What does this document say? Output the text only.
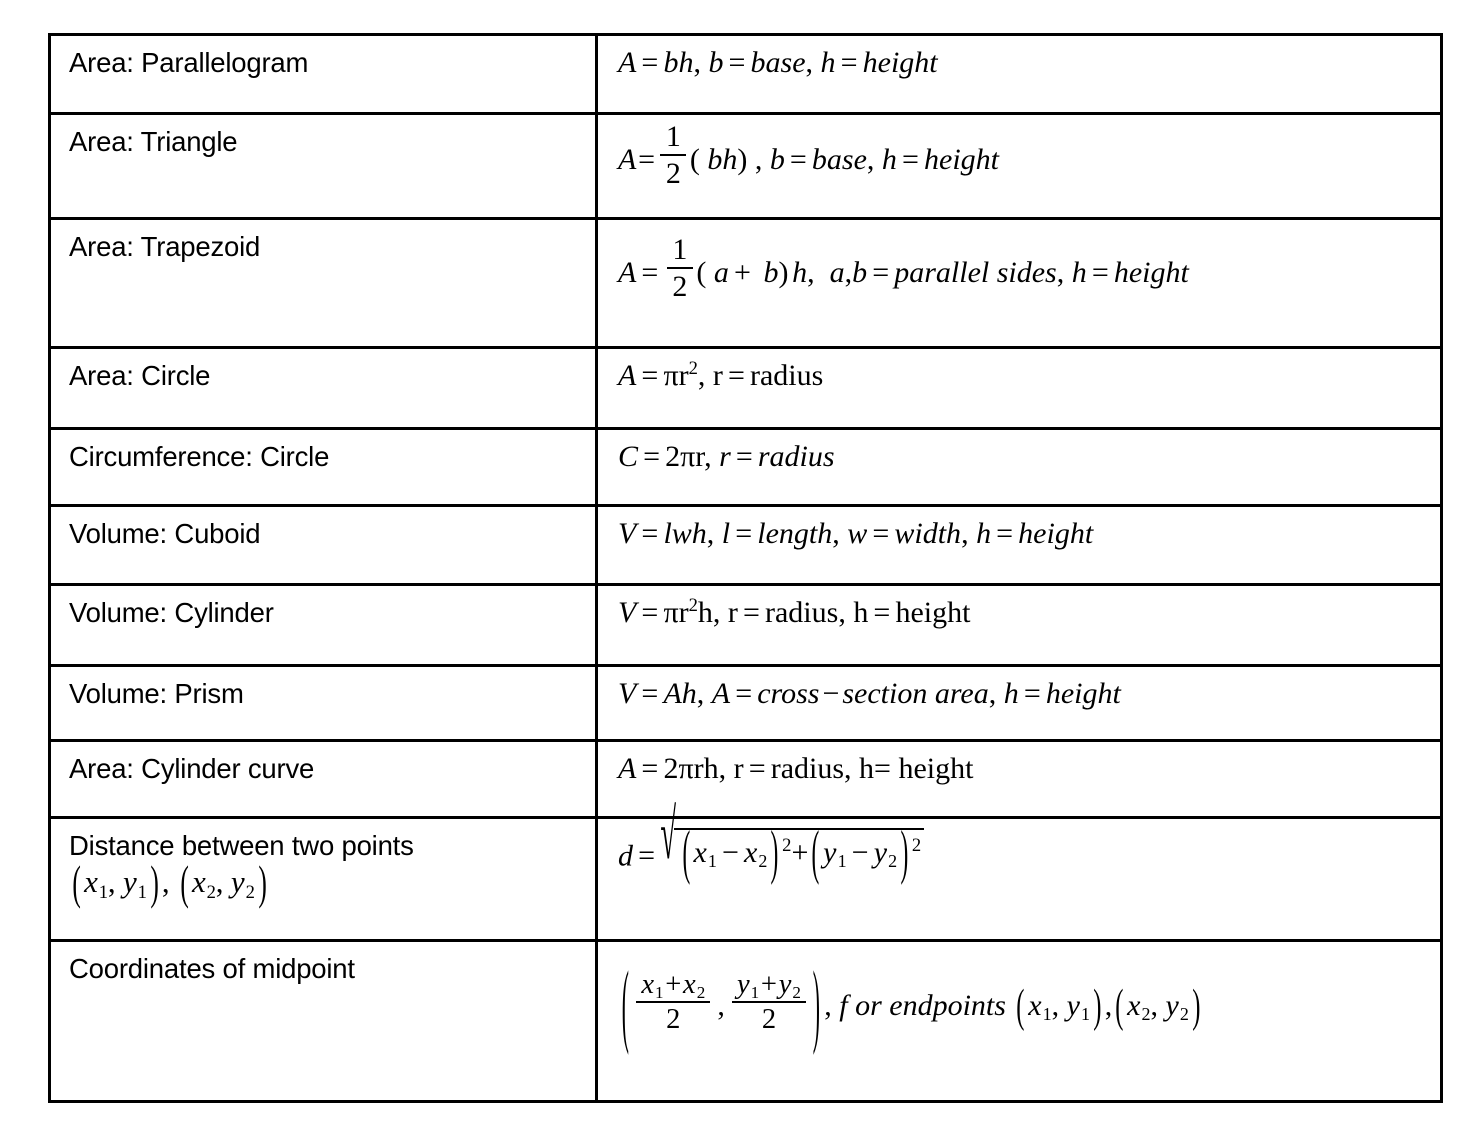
Area: Parallelogram	A = bh, b = base, h = height

Area: Triangle	$A= \frac{1}{2}$ ( bh) , b = base, h = height

Area: Trapezoid	$A = \frac{1}{2}$ ( a + b) h, a,b = parallel sides, h = height

Area: Circle	$A = \pi r^2$, r = radius

Circumference: Circle	C = 2πr, r = radius

Volume: Cuboid	V = lwh, l = length, w = width, h = height

Volume: Cylinder	$V = \pi r^2h$, r = radius, h = height

Volume: Prism	V = Ah, A = cross − section area, h = height

Area: Cylinder curve	A = 2πrh, r = radius, h= height

Distance between two points
( $x_1$, $y_1$ ) , ( $x_2$, $y_2$ )	d = √ ( $x_1 - x_2$ ) $^2$+ ( $y_1 - y_2$ ) $^2$

Coordinates of midpoint	( $\frac{x_1+x_2}{2}$ , $\frac{y_1+y_2}{2}$ ) , f or endpoints ( $x_1$, $y_1$ ) , ( $x_2$, $y_2$ )
